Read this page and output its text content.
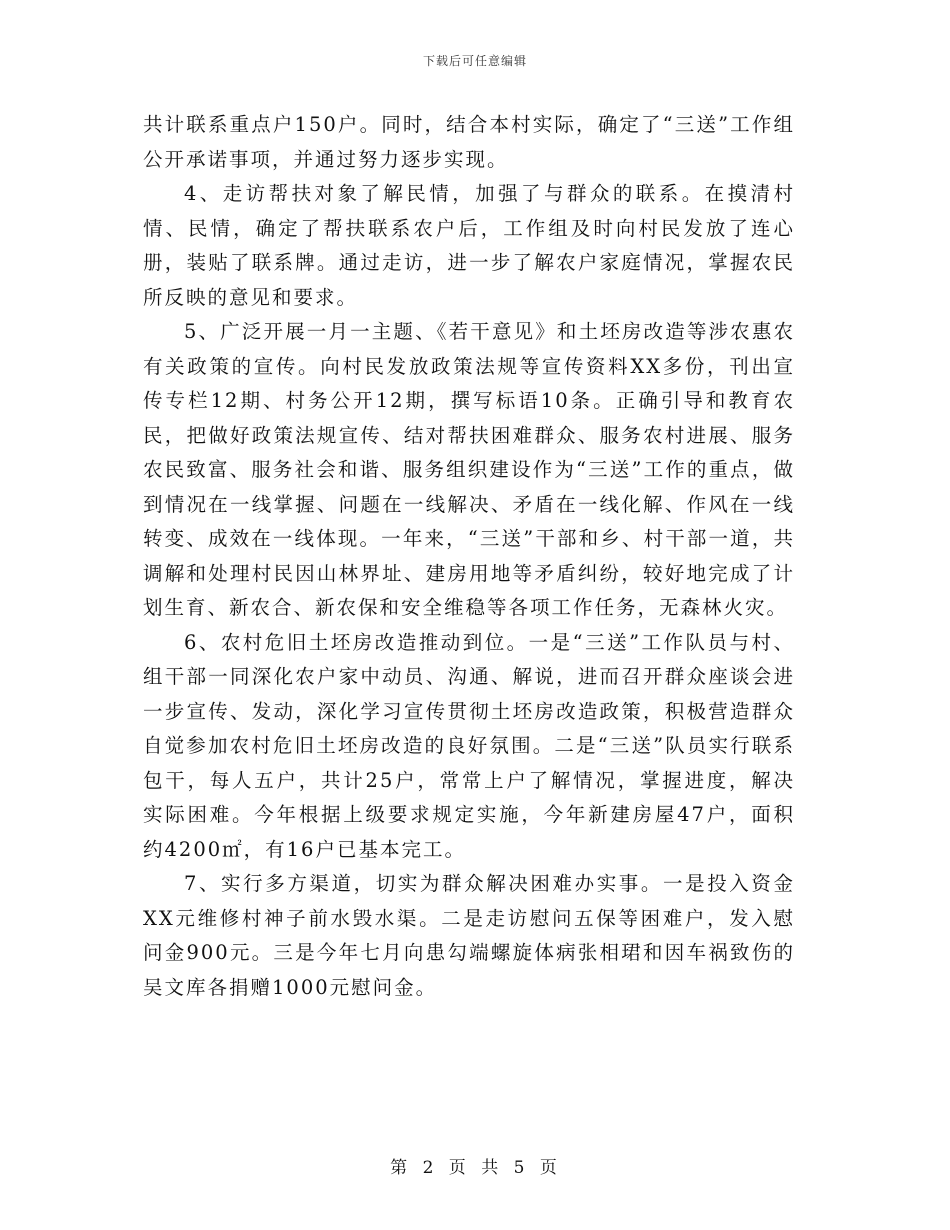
下载后可任意编辑

共计联系重点户150户。同时，结合本村实际，确定了“三送”工作组公开承诺事项，并通过努力逐步实现。

4、走访帮扶对象了解民情，加强了与群众的联系。在摸清村情、民情，确定了帮扶联系农户后，工作组及时向村民发放了连心册，装贴了联系牌。通过走访，进一步了解农户家庭情况，掌握农民所反映的意见和要求。

5、广泛开展一月一主题、《若干意见》和土坯房改造等涉农惠农有关政策的宣传。向村民发放政策法规等宣传资料XX多份，刊出宣传专栏12期、村务公开12期，撰写标语10条。正确引导和教育农民，把做好政策法规宣传、结对帮扶困难群众、服务农村进展、服务农民致富、服务社会和谐、服务组织建设作为“三送”工作的重点，做到情况在一线掌握、问题在一线解决、矛盾在一线化解、作风在一线转变、成效在一线体现。一年来，“三送”干部和乡、村干部一道，共调解和处理村民因山林界址、建房用地等矛盾纠纷，较好地完成了计划生育、新农合、新农保和安全维稳等各项工作任务，无森林火灾。

6、农村危旧土坯房改造推动到位。一是“三送”工作队员与村、组干部一同深化农户家中动员、沟通、解说，进而召开群众座谈会进一步宣传、发动，深化学习宣传贯彻土坯房改造政策，积极营造群众自觉参加农村危旧土坯房改造的良好氛围。二是“三送”队员实行联系包干，每人五户，共计25户，常常上户了解情况，掌握进度，解决实际困难。今年根据上级要求规定实施，今年新建房屋47户，面积约4200㎡，有16户已基本完工。

7、实行多方渠道，切实为群众解决困难办实事。一是投入资金XX元维修村神子前水毁水渠。二是走访慰问五保等困难户，发入慰问金900元。三是今年七月向患勾端螺旋体病张相珺和因车祸致伤的吴文库各捐赠1000元慰问金。

第 2 页 共 5 页
